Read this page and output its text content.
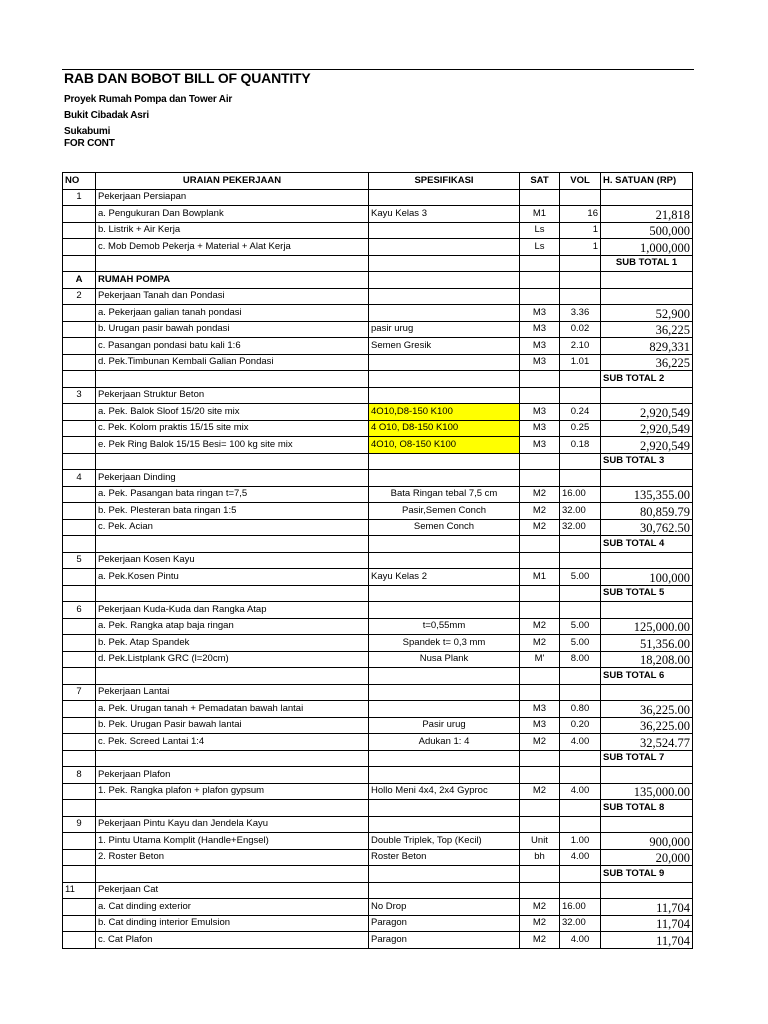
RAB DAN BOBOT BILL OF QUANTITY
Proyek Rumah Pompa dan Tower Air
Bukit Cibadak Asri
Sukabumi
FOR CONT
NO	URAIAN PEKERJAAN	SPESIFIKASI	SAT	VOL	H. SATUAN (RP)
1	Pekerjaan Persiapan				
	a. Pengukuran Dan Bowplank	Kayu Kelas 3	M1	16	21,818
	b. Listrik + Air Kerja		Ls	1	500,000
	c. Mob Demob Pekerja + Material + Alat Kerja		Ls	1	1,000,000
					SUB TOTAL 1
A	RUMAH POMPA				
2	Pekerjaan Tanah dan Pondasi				
	a. Pekerjaan galian tanah pondasi		M3	3.36	52,900
	b. Urugan pasir bawah pondasi	pasir urug	M3	0.02	36,225
	c. Pasangan pondasi batu kali 1:6	Semen Gresik	M3	2.10	829,331
	d. Pek.Timbunan Kembali Galian Pondasi		M3	1.01	36,225
					SUB TOTAL 2
3	Pekerjaan Struktur Beton				
	a. Pek. Balok Sloof 15/20 site mix	4O10,D8-150 K100	M3	0.24	2,920,549
	c. Pek. Kolom praktis 15/15 site mix	4 O10, D8-150 K100	M3	0.25	2,920,549
	e. Pek Ring Balok 15/15 Besi= 100 kg site mix	4O10, O8-150 K100	M3	0.18	2,920,549
					SUB TOTAL 3
4	Pekerjaan Dinding				
	a. Pek. Pasangan bata ringan t=7,5	Bata Ringan tebal 7,5 cm	M2	16.00	135,355.00
	b. Pek. Plesteran bata ringan 1:5	Pasir,Semen Conch	M2	32.00	80,859.79
	c. Pek. Acian	Semen Conch	M2	32.00	30,762.50
					SUB TOTAL 4
5	Pekerjaan Kosen Kayu				
	a. Pek.Kosen Pintu	Kayu Kelas 2	M1	5.00	100,000
					SUB TOTAL 5
6	Pekerjaan Kuda-Kuda dan Rangka Atap				
	a. Pek. Rangka atap baja ringan	t=0,55mm	M2	5.00	125,000.00
	b. Pek. Atap Spandek	Spandek t= 0,3 mm	M2	5.00	51,356.00
	d. Pek.Listplank GRC (l=20cm)	Nusa Plank	M'	8.00	18,208.00
					SUB TOTAL 6
7	Pekerjaan Lantai				
	a. Pek. Urugan tanah + Pemadatan bawah lantai		M3	0.80	36,225.00
	b. Pek. Urugan Pasir bawah lantai	Pasir urug	M3	0.20	36,225.00
	c. Pek. Screed Lantai 1:4	Adukan 1: 4	M2	4.00	32,524.77
					SUB TOTAL 7
8	Pekerjaan Plafon				
	1. Pek. Rangka plafon + plafon gypsum	Hollo Meni 4x4, 2x4 Gyproc	M2	4.00	135,000.00
					SUB TOTAL 8
9	Pekerjaan Pintu Kayu dan Jendela Kayu				
	1. Pintu Utama Komplit (Handle+Engsel)	Double Triplek, Top (Kecil)	Unit	1.00	900,000
	2. Roster Beton	Roster Beton	bh	4.00	20,000
					SUB TOTAL 9
11	Pekerjaan Cat				
	a. Cat dinding exterior	No Drop	M2	16.00	11,704
	b. Cat dinding interior Emulsion	Paragon	M2	32.00	11,704
	c. Cat Plafon	Paragon	M2	4.00	11,704
